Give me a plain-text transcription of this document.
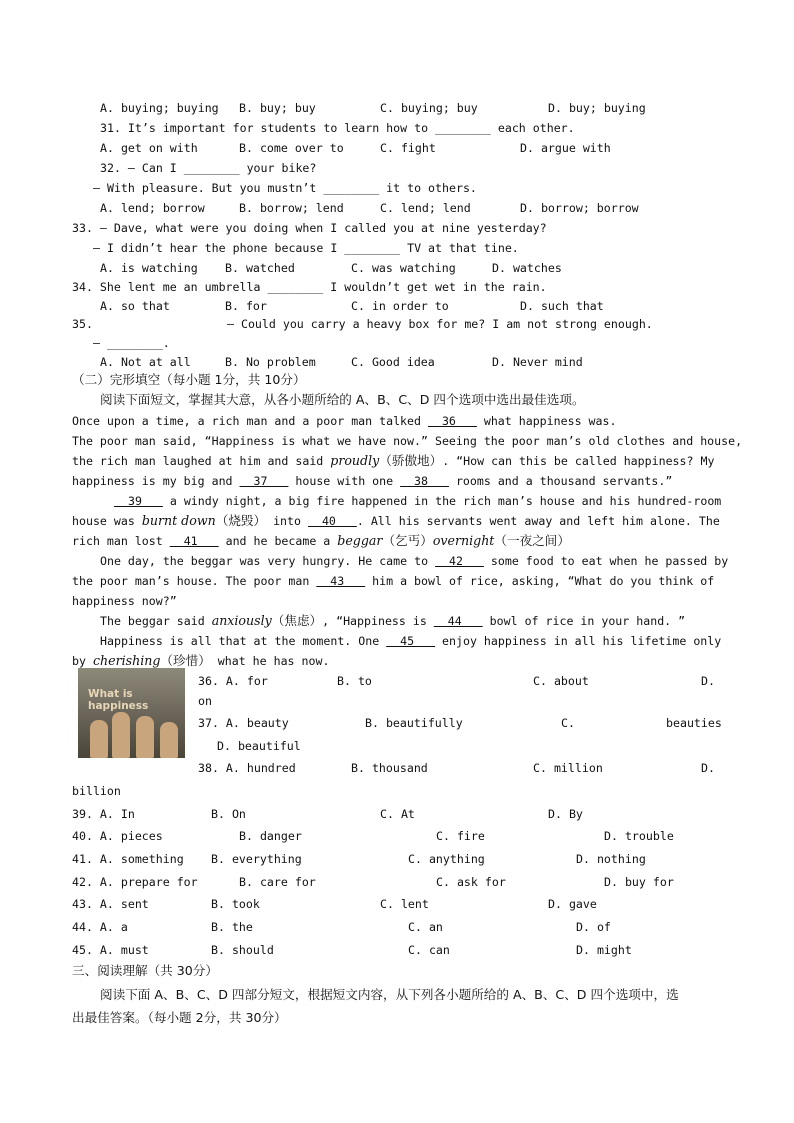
A. buying; buying B. buy; buy	C. buying; buy	D. buy; buying
31. It’s important for students to learn how to ________ each other.
A. get on with	B. come over to	C. fight	D. argue with
32. — Can I ________ your bike?
— With pleasure. But you mustn’t ________ it to others.
A. lend; borrow	B. borrow; lend	C. lend; lend	D. borrow; borrow
33. — Dave, what were you doing when I called you at nine yesterday?
— I didn’t hear the phone because I ________ TV at that tine.
A. is watching B. watched	C. was watching	D. watches
34. She lent me an umbrella ________ I wouldn’t get wet in the rain.
A. so that	B. for	C. in order to	D. such that
35.	— Could you carry a heavy box for me? I am not strong enough.
— ________.
A. Not at all	B. No problem	C. Good idea	D. Never mind
（二）完形填空（每小题 1分，共 10分）
阅读下面短文，掌握其大意，从各小题所给的 A、B、C、D 四个选项中选出最佳选项。
Once upon a time, a rich man and a poor man talked   36    what happiness was.
The poor man said, “Happiness is what we have now.” Seeing the poor man’s old clothes and house,
the rich man laughed at him and said proudly（骄傲地）. “How can this be called happiness? My
happiness is my big and   37    house with one   38    rooms and a thousand servants.”
39    a windy night, a big fire happened in the rich man’s house and his hundred-room
house was burnt down（烧毁） into   40   . All his servants went away and left him alone. The
rich man lost   41    and he became a beggar（乞丐）overnight（一夜之间）
One day, the beggar was very hungry. He came to   42    some food to eat when he passed by
the poor man’s house. The poor man   43    him a bowl of rice, asking, “What do you think of
happiness now?”
The beggar said anxiously（焦虑）, “Happiness is   44    bowl of rice in your hand. ”
Happiness is all that at the moment. One   45    enjoy happiness in all his lifetime only
by cherishing（珍惜） what he has now.
What is happiness
36. A. for	B. to	C. about	D.
on
37. A. beauty	B. beautifully	C.	beauties
D. beautiful
38. A. hundred	B. thousand	C. million	D.
billion
39. A. In	B. On	C. At	D. By
40. A. pieces	B. danger	C. fire	D. trouble
41. A. something B. everything	C. anything	D. nothing
42. A. prepare for	B. care for	C. ask for	D. buy for
43. A. sent	B. took	C. lent	D. gave
44. A. a	B. the	C. an	D. of
45. A. must	B. should	C. can	D. might
三、阅读理解（共 30分）
阅读下面 A、B、C、D 四部分短文，根据短文内容，从下列各小题所给的 A、B、C、D 四个选项中，选
出最佳答案。（每小题 2分，共 30分）
